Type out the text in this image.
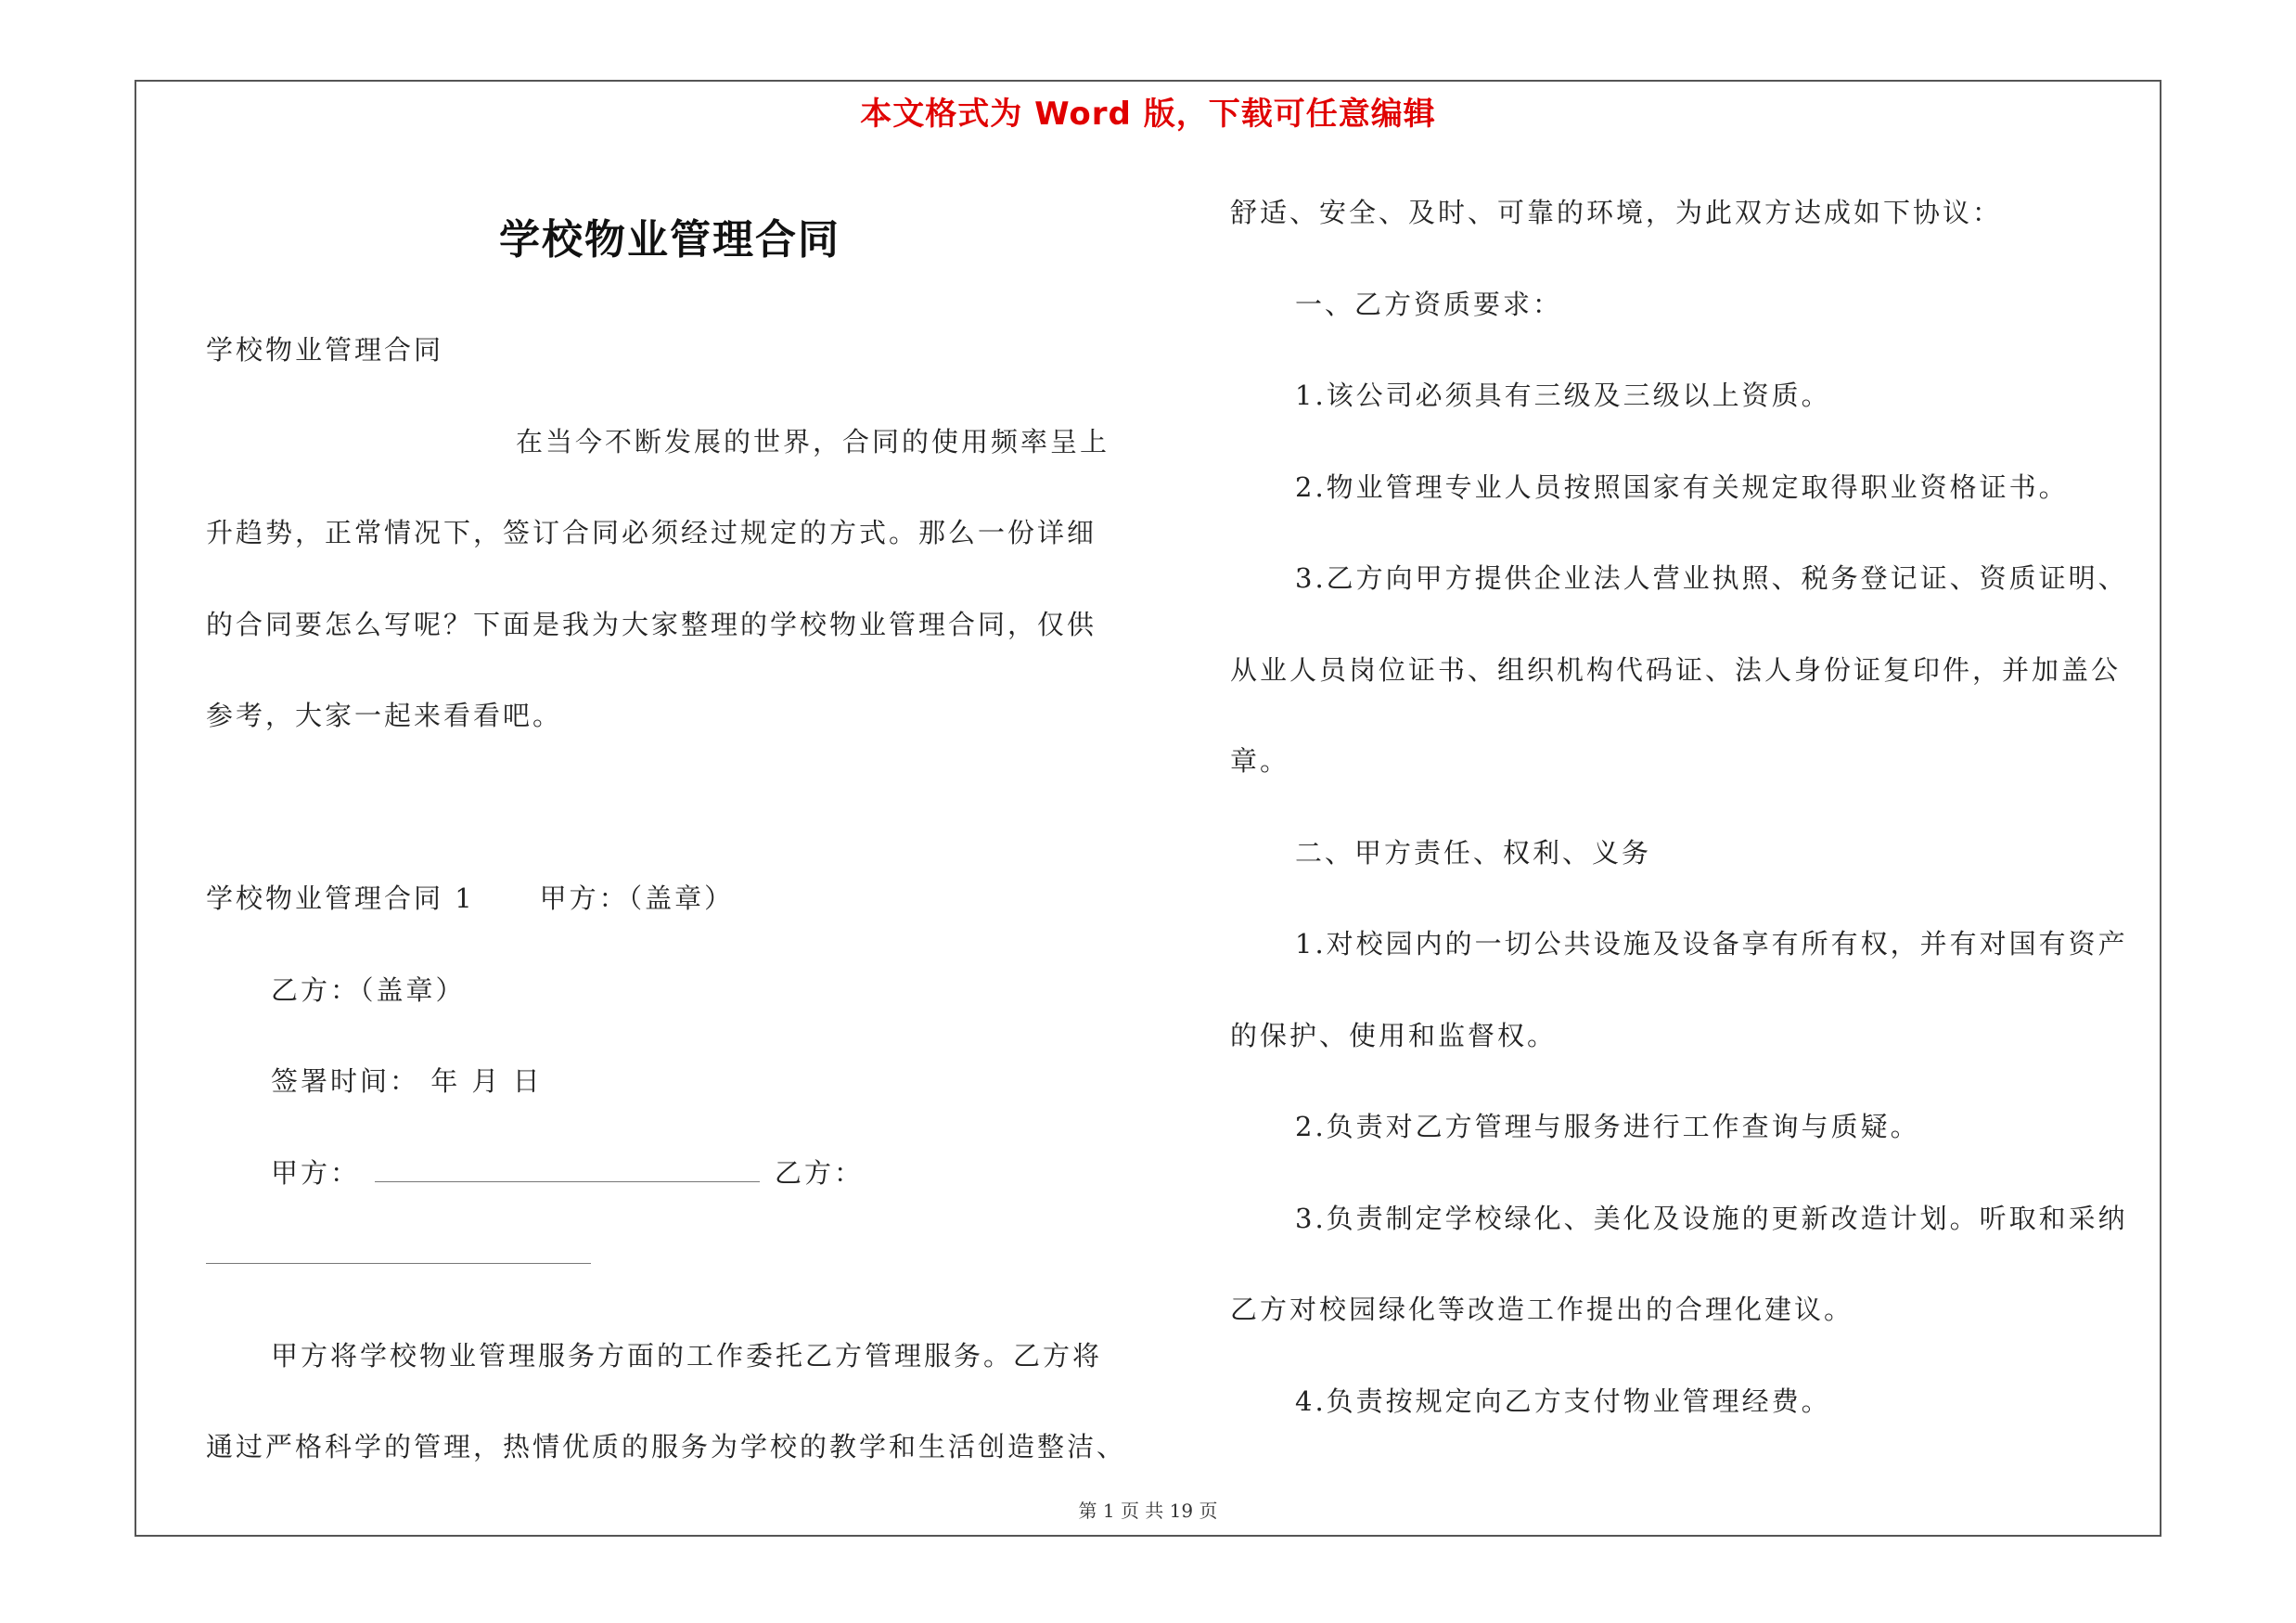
本文格式为 Word 版，下载可任意编辑
学校物业管理合同
学校物业管理合同
在当今不断发展的世界，合同的使用频率呈上
升趋势，正常情况下，签订合同必须经过规定的方式。那么一份详细
的合同要怎么写呢？下面是我为大家整理的学校物业管理合同，仅供
参考，大家一起来看看吧。
学校物业管理合同 1 甲方：（盖章）
乙方：（盖章）
签署时间： 年 月 日
甲方：	乙方：
甲方将学校物业管理服务方面的工作委托乙方管理服务。乙方将
通过严格科学的管理，热情优质的服务为学校的教学和生活创造整洁、
舒适、安全、及时、可靠的环境，为此双方达成如下协议：
一、乙方资质要求：
1.该公司必须具有三级及三级以上资质。
2.物业管理专业人员按照国家有关规定取得职业资格证书。
3.乙方向甲方提供企业法人营业执照、税务登记证、资质证明、
从业人员岗位证书、组织机构代码证、法人身份证复印件，并加盖公
章。
二、甲方责任、权利、义务
1.对校园内的一切公共设施及设备享有所有权，并有对国有资产
的保护、使用和监督权。
2.负责对乙方管理与服务进行工作查询与质疑。
3.负责制定学校绿化、美化及设施的更新改造计划。听取和采纳
乙方对校园绿化等改造工作提出的合理化建议。
4.负责按规定向乙方支付物业管理经费。
第 1 页 共 19 页
